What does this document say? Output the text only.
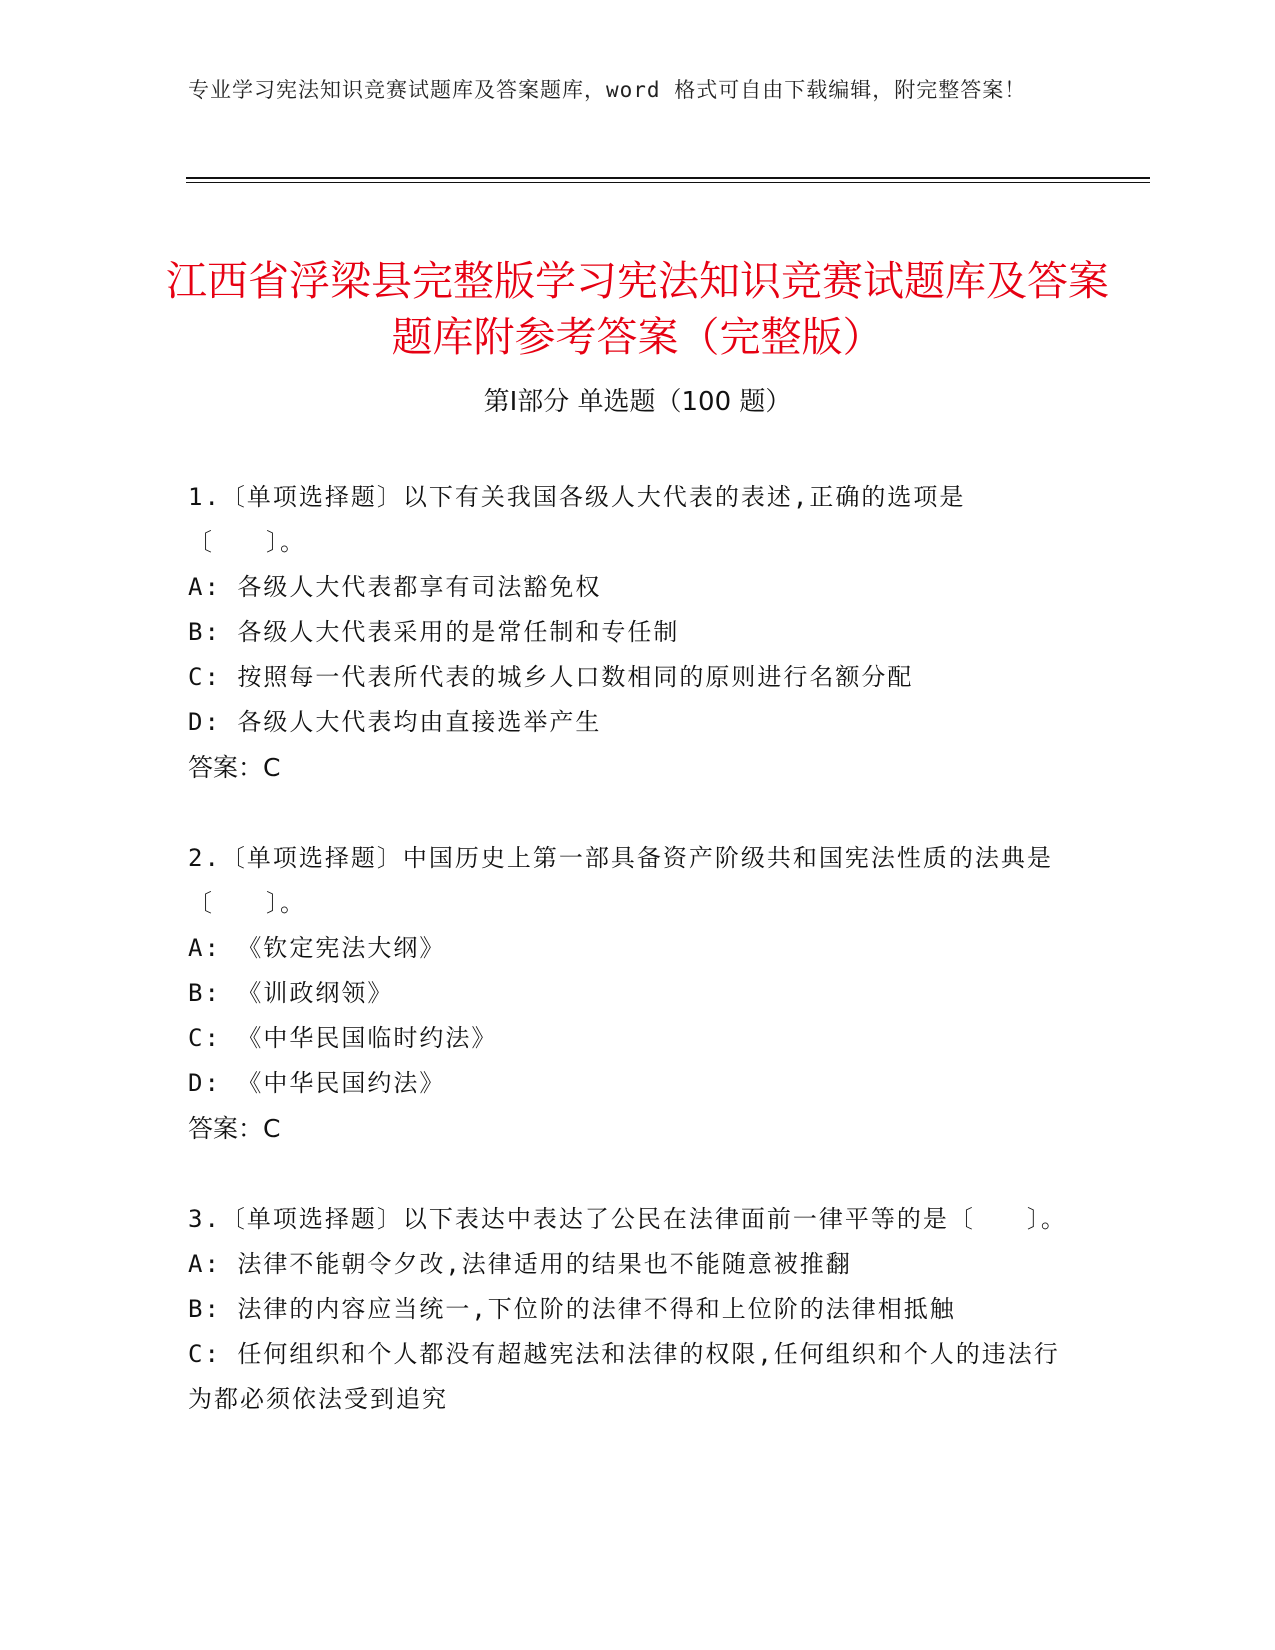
专业学习宪法知识竞赛试题库及答案题库，word 格式可自由下载编辑，附完整答案！
江西省浮梁县完整版学习宪法知识竞赛试题库及答案题库附参考答案（完整版）
第Ⅰ部分 单选题（100 题）
1.〔单项选择题〕以下有关我国各级人大代表的表述,正确的选项是〔　　〕。
A: 各级人大代表都享有司法豁免权
B: 各级人大代表采用的是常任制和专任制
C: 按照每一代表所代表的城乡人口数相同的原则进行名额分配
D: 各级人大代表均由直接选举产生
答案：C
2.〔单项选择题〕中国历史上第一部具备资产阶级共和国宪法性质的法典是〔　　〕。
A: 《钦定宪法大纲》
B: 《训政纲领》
C: 《中华民国临时约法》
D: 《中华民国约法》
答案：C
3.〔单项选择题〕以下表达中表达了公民在法律面前一律平等的是〔　　〕。
A: 法律不能朝令夕改,法律适用的结果也不能随意被推翻
B: 法律的内容应当统一,下位阶的法律不得和上位阶的法律相抵触
C: 任何组织和个人都没有超越宪法和法律的权限,任何组织和个人的违法行为都必须依法受到追究
